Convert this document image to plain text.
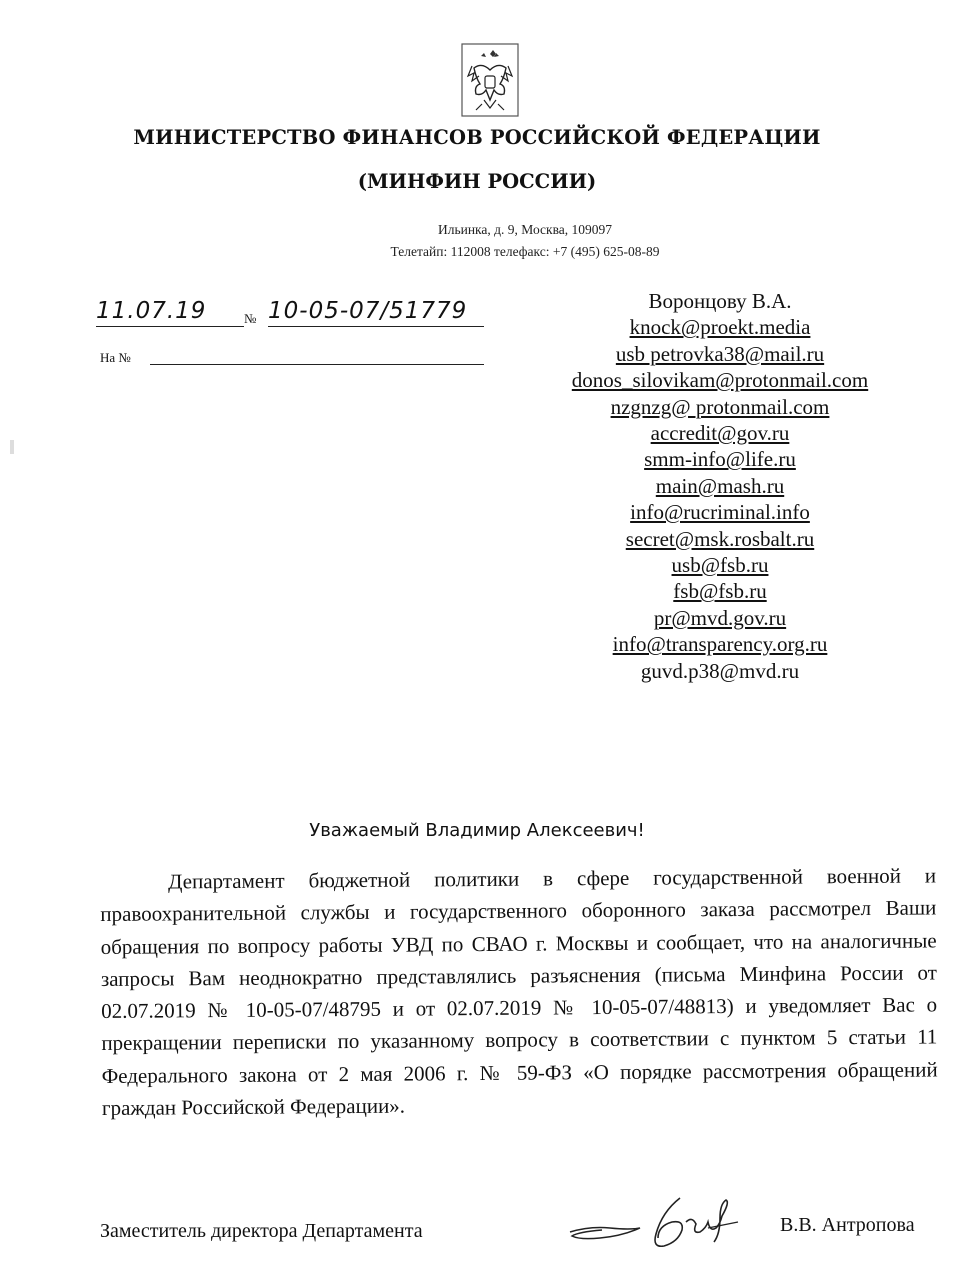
МИНИСТЕРСТВО ФИНАНСОВ РОССИЙСКОЙ ФЕДЕРАЦИИ
(МИНФИН РОССИИ)
Ильинка, д. 9, Москва, 109097
Телетайп: 112008 телефакс: +7 (495) 625-08-89
11.07.19	№ 10-05-07/51779
На №
Воронцову В.А.
knock@proekt.media
usb petrovka38@mail.ru
donos_silovikam@protonmail.com
nzgnzg@ protonmail.com
accredit@gov.ru
smm-info@life.ru
main@mash.ru
info@rucriminal.info
secret@msk.rosbalt.ru
usb@fsb.ru
fsb@fsb.ru
pr@mvd.gov.ru
info@transparency.org.ru
guvd.p38@mvd.ru
Уважаемый Владимир Алексеевич!
Департамент бюджетной политики в сфере государственной военной и правоохранительной службы и государственного оборонного заказа рассмотрел Ваши обращения по вопросу работы УВД по СВАО г. Москвы и сообщает, что на аналогичные запросы Вам неоднократно представлялись разъяснения (письма Минфина России от 02.07.2019 № 10-05-07/48795 и от 02.07.2019 № 10-05-07/48813) и уведомляет Вас о прекращении переписки по указанному вопросу в соответствии с пунктом 5 статьи 11 Федерального закона от 2 мая 2006 г. № 59-ФЗ «О порядке рассмотрения обращений граждан Российской Федерации».
Заместитель директора Департамента	В.В. Антропова
